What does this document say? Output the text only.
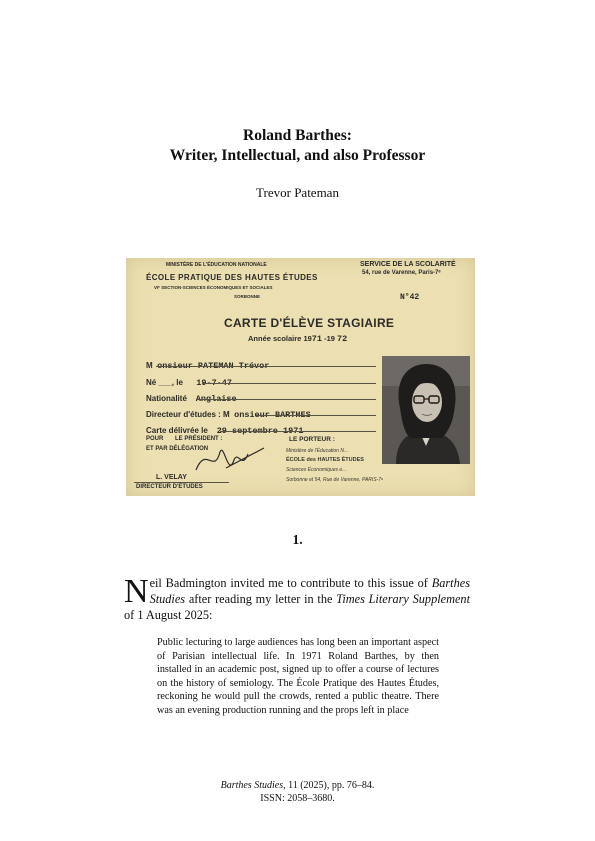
Roland Barthes:
Writer, Intellectual, and also Professor
Trevor Pateman
MINISTÈRE DE L'ÉDUCATION NATIONALE
ÉCOLE PRATIQUE DES HAUTES ÉTUDES
VIᵉ SECTION-SCIENCES ÉCONOMIQUES ET SOCIALES
SORBONNE
SERVICE DE LA SCOLARITÉ
54, rue de Varenne, Paris-7ᵉ
N°42
CARTE D'ÉLÈVE STAGIAIRE
Année scolaire 1971 -19 72
M onsieur PATEMAN Trévor
Né ___, le 19-7-47
Nationalité Anglaise
Directeur d'études : M onsieur BARTHES
Carte délivrée le 29 septembre 1971
POUR LE PRÉSIDENT :
ET PAR DÉLÉGATION
LE PORTEUR :
L. VELAY
DIRECTEUR D'ÉTUDES
Ministère de l'Éducation N...
ÉCOLE des HAUTES ÉTUDES
Sciences Économiques e...
Sorbonne et 54, Rue de Varenne, PARIS-7ᵉ
1.
Neil Badmington invited me to contribute to this issue of Barthes Studies after reading my letter in the Times Literary Supplement of 1 August 2025:
Public lecturing to large audiences has long been an important aspect of Parisian intellectual life. In 1971 Roland Barthes, by then installed in an academic post, signed up to offer a course of lectures on the history of semiology. The École Pratique des Hautes Études, reckoning he would pull the crowds, rented a public theatre. There was an evening production running and the props left in place
Barthes Studies, 11 (2025), pp. 76–84.
ISSN: 2058–3680.
